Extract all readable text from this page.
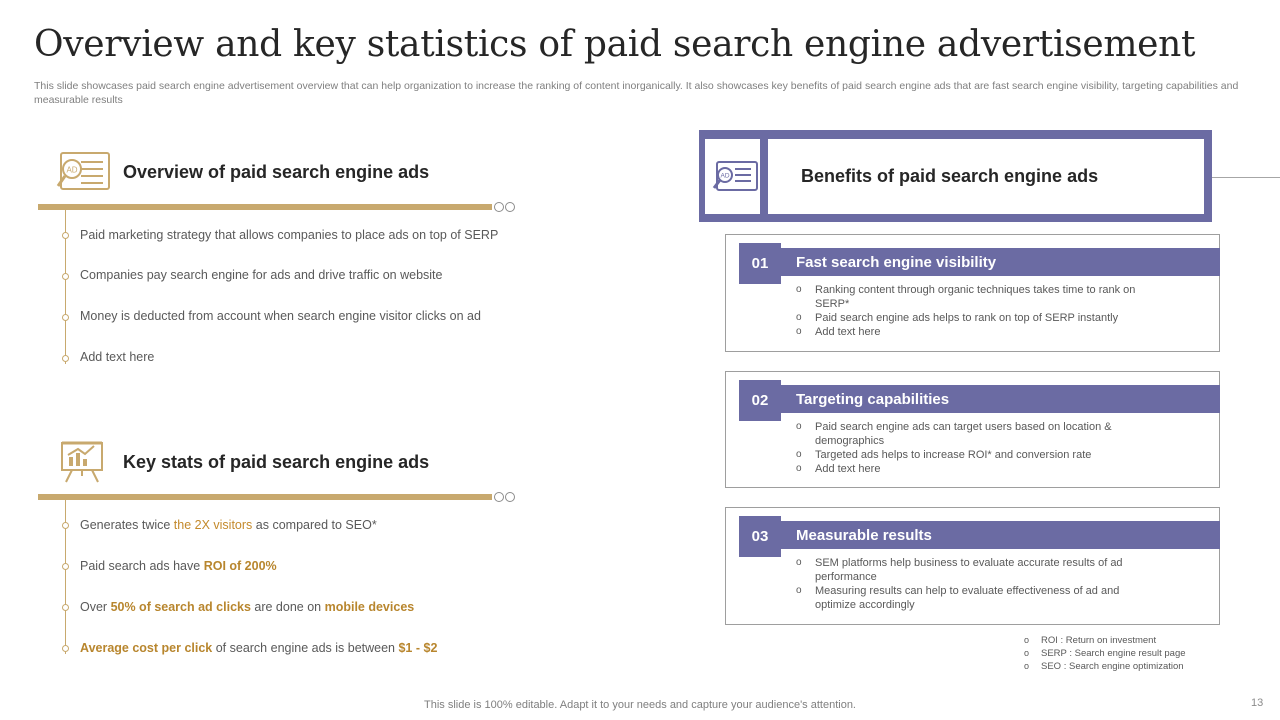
Overview and key statistics of paid search engine advertisement
This slide showcases paid search engine advertisement overview that can help organization to increase the ranking of content inorganically. It also showcases key benefits of paid search engine ads that are fast search engine visibility, targeting capabilities and measurable results
AD	Overview of paid search engine ads
Paid marketing strategy that allows companies to place ads on top of SERP
Companies pay search engine for ads and drive traffic on website
Money is deducted from account when search engine visitor clicks on ad
Add text here
Key stats of paid search engine ads
Generates twice the 2X visitors as compared to SEO*
Paid search ads have ROI of 200%
Over 50% of search ad clicks are done on mobile devices
Average cost per click of search engine ads is between $1 - $2
AD	Benefits of paid search engine ads
01	Fast search engine visibility
o Ranking content through organic techniques takes time to rank on SERP*
o Paid search engine ads helps to rank on top of SERP instantly
o Add text here
02	Targeting capabilities
o Paid search engine ads can target users based on location & demographics
o Targeted ads helps to increase ROI* and conversion rate
o Add text here
03	Measurable results
o SEM platforms help business to evaluate accurate results of ad performance
o Measuring results can help to evaluate effectiveness of ad and optimize accordingly
o ROI : Return on investment
o SERP : Search engine result page
o SEO : Search engine optimization
This slide is 100% editable. Adapt it to your needs and capture your audience's attention.	13
